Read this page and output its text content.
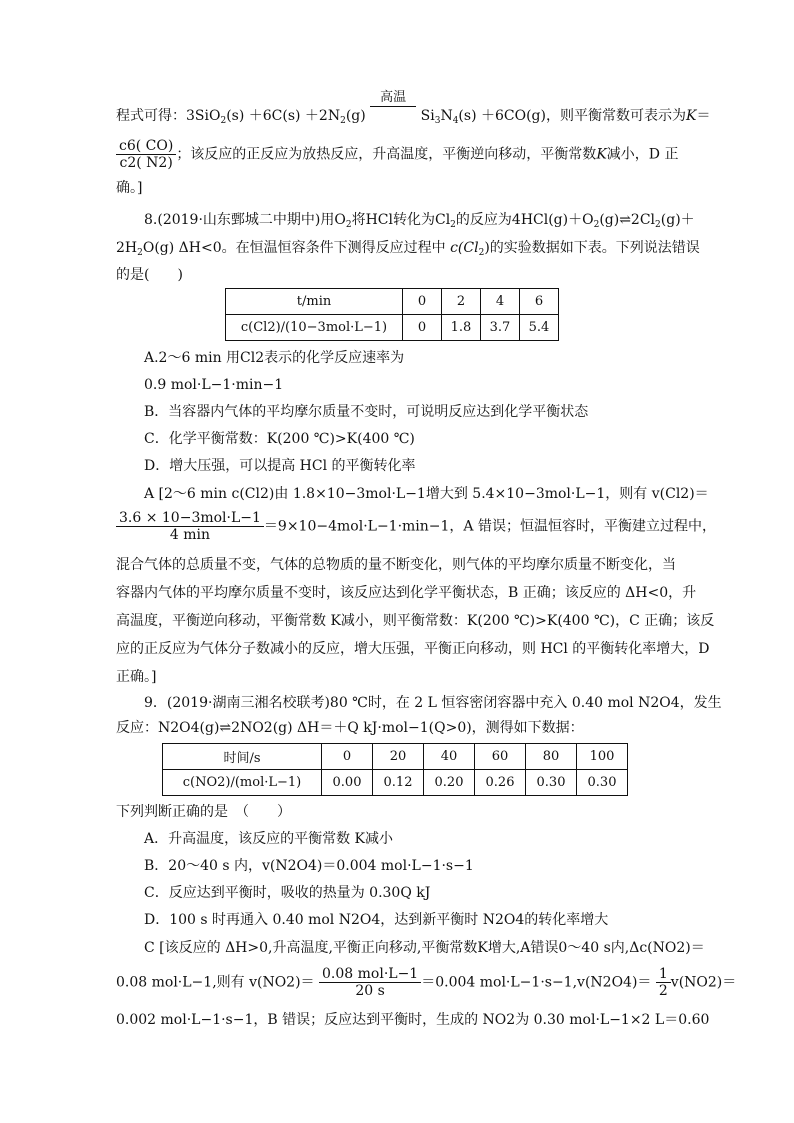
程式可得：$3SiO_2(s) +6C(s) +2N_2(g)$
高温
$Si_3N_4(s) +6CO(g)$，则平衡常数可表示为K＝
$\frac{c6( CO)}{c2( N2)}$ ；该反应的正反应为放热反应，升高温度，平衡逆向移动，平衡常数K减小，D 正
确。]
8.(2019·山东鄄城二中期中)用$O_2$将HCl转化为$Cl_2$的反应为$4HCl(g)+O_2(g)\rightleftharpoons 2Cl_2(g)+$
$2H_2O(g)$ ΔH<0。在恒温恒容条件下测得反应过程中 $c(Cl_2)$的实验数据如下表。下列说法错误
的是(　　)
t/min	0	2	4	6
c(Cl2)/(10−3mol·L−1)	0	1.8	3.7	5.4
A.2～6 min 用Cl2表示的化学反应速率为
0.9 mol·L−1·min−1
B．当容器内气体的平均摩尔质量不变时，可说明反应达到化学平衡状态
C．化学平衡常数：K(200 ℃)>K(400 ℃)
D．增大压强，可以提高 HCl 的平衡转化率
A [2～6 min c(Cl2)由 1.8×10−3mol·L−1增大到 5.4×10−3mol·L−1，则有 v(Cl2)＝
$\frac{\text{3.6 × 10−3mol·L−1}}{4 \min} =9\times 10-4mol\cdot L-1\cdot\min-1$，A 错误；恒温恒容时，平衡建立过程中，
混合气体的总质量不变，气体的总物质的量不断变化，则气体的平均摩尔质量不断变化，当
容器内气体的平均摩尔质量不变时，该反应达到化学平衡状态，B 正确；该反应的 ΔH<0，升
高温度，平衡逆向移动，平衡常数 K减小，则平衡常数：K(200 ℃)>K(400 ℃)，C 正确；该反
应的正反应为气体分子数减小的反应，增大压强，平衡正向移动，则 HCl 的平衡转化率增大，D
正确。]
9．(2019·湖南三湘名校联考)80 ℃时，在 2 L 恒容密闭容器中充入 0.40 mol N2O4，发生
反应：N2O4(g)⇌2NO2(g) ΔH＝＋Q kJ·mol−1(Q>0)，测得如下数据：
时间/s	0	20	40	60	80	100
c(NO2)/(mol·L−1)	0.00	0.12	0.20	0.26	0.30	0.30
下列判断正确的是　（　　）
A．升高温度，该反应的平衡常数 K减小
B．20～40 s 内，v(N2O4)＝0.004 mol·L−1·s−1
C．反应达到平衡时，吸收的热量为 0.30Q kJ
D．100 s 时再通入 0.40 mol N2O4，达到新平衡时 N2O4的转化率增大
C [该反应的 ΔH>0,升高温度,平衡正向移动,平衡常数K增大,A错误0～40 s内,Δc(NO2)＝
0.08 mol·L−1,则有 $v(NO2)= \frac{\text{0.08 mol·L−1}}{20 s} =0.004$ $mol\cdot L-1\cdot s-1,v(N2O4)= \frac{1}{2} v(NO2)=$
0.002 mol·L−1·s−1，B 错误；反应达到平衡时，生成的 NO2为 0.30 mol·L−1×2 L＝0.60
